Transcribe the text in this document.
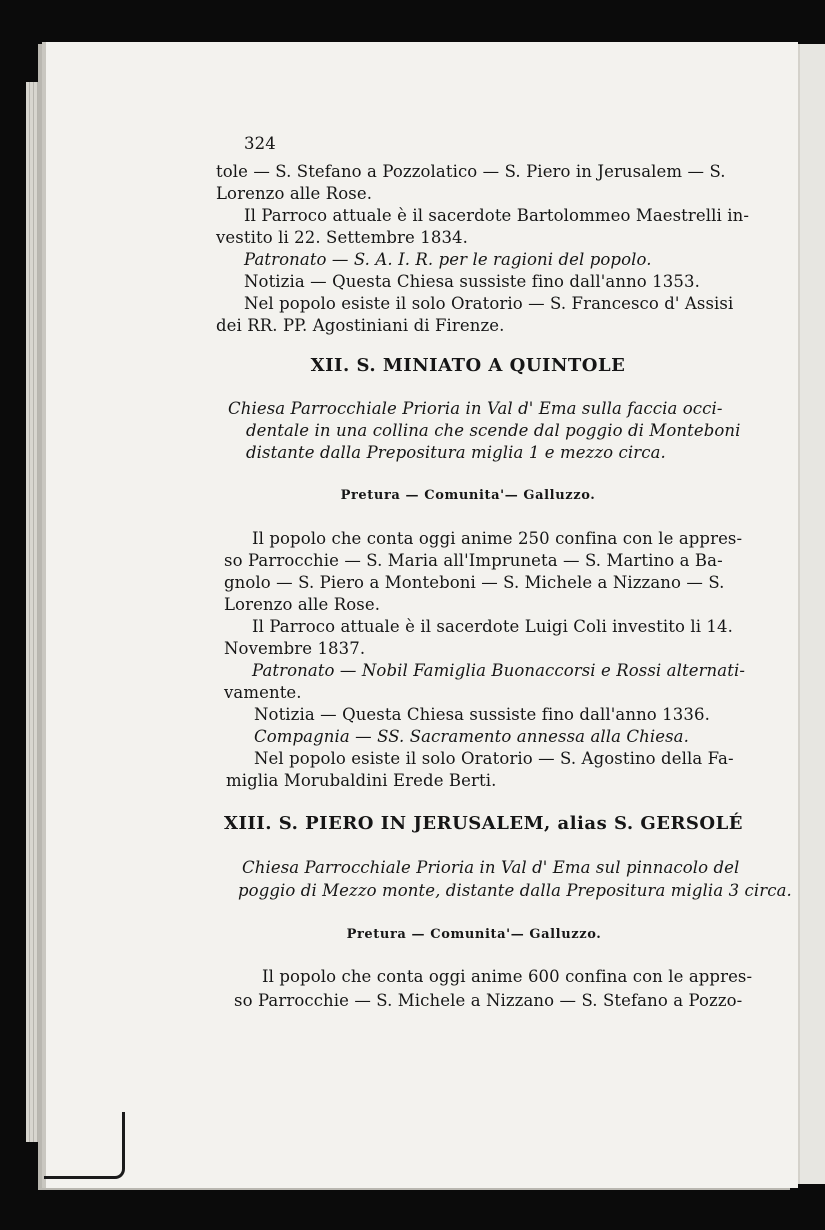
324
tole — S. Stefano a Pozzolatico — S. Piero in Jerusalem — S.
Lorenzo alle Rose.
Il Parroco attuale è il sacerdote Bartolommeo Maestrelli in-
vestito li 22. Settembre 1834.
Patronato — S. A. I. R. per le ragioni del popolo.
Notizia — Questa Chiesa sussiste fino dall'anno 1353.
Nel popolo esiste il solo Oratorio — S. Francesco d' Assisi
dei RR. PP. Agostiniani di Firenze.
XII. S. MINIATO A QUINTOLE
Chiesa Parrocchiale Prioria in Val d' Ema sulla faccia occi-
dentale in una collina che scende dal poggio di Monteboni
distante dalla Prepositura miglia 1 e mezzo circa.
Pretura — Comunita'— Galluzzo.
Il popolo che conta oggi anime 250 confina con le appres-
so Parrocchie — S. Maria all'Impruneta — S. Martino a Ba-
gnolo — S. Piero a Monteboni — S. Michele a Nizzano — S.
Lorenzo alle Rose.
Il Parroco attuale è il sacerdote Luigi Coli investito li 14.
Novembre 1837.
Patronato — Nobil Famiglia Buonaccorsi e Rossi alternati-
vamente.
Notizia — Questa Chiesa sussiste fino dall'anno 1336.
Compagnia — SS. Sacramento annessa alla Chiesa.
Nel popolo esiste il solo Oratorio — S. Agostino della Fa-
miglia Morubaldini Erede Berti.
XIII. S. PIERO IN JERUSALEM, alias S. GERSOLÉ
Chiesa Parrocchiale Prioria in Val d' Ema sul pinnacolo del
poggio di Mezzo monte, distante dalla Prepositura miglia 3 circa.
Pretura — Comunita'— Galluzzo.
Il popolo che conta oggi anime 600 confina con le appres-
so Parrocchie — S. Michele a Nizzano — S. Stefano a Pozzo-
